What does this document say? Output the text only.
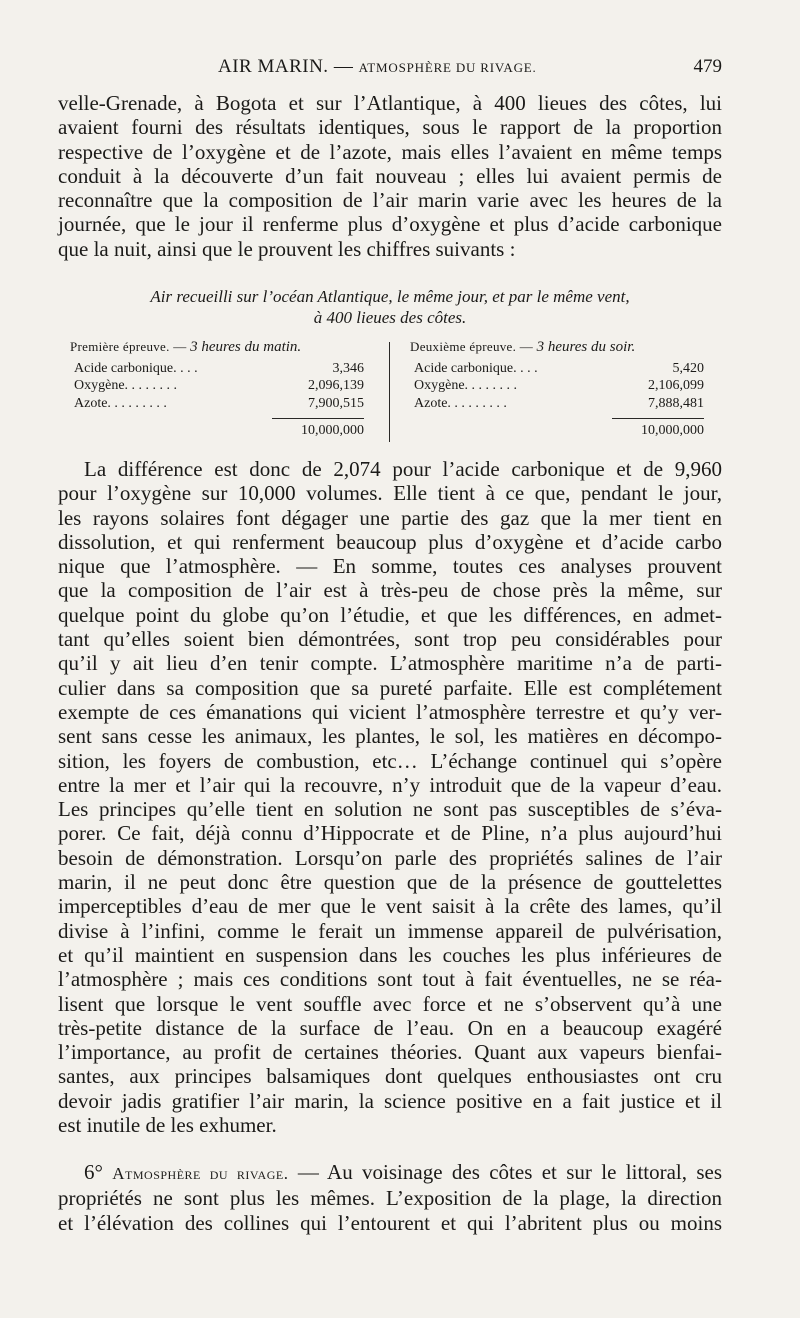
AIR MARIN. — ATMOSPHÈRE DU RIVAGE.	479
velle-Grenade, à Bogota et sur l’Atlantique, à 400 lieues des côtes, lui
avaient fourni des résultats identiques, sous le rapport de la proportion
respective de l’oxygène et de l’azote, mais elles l’avaient en même temps
conduit à la découverte d’un fait nouveau ; elles lui avaient permis de
reconnaître que la composition de l’air marin varie avec les heures de la
journée, que le jour il renferme plus d’oxygène et plus d’acide carbonique
que la nuit, ainsi que le prouvent les chiffres suivants :
Air recueilli sur l’océan Atlantique, le même jour, et par le même vent,
à 400 lieues des côtes.
Première épreuve. — 3 heures du matin.
Acide carbonique. . . .	3,346
Oxygène. . . . . . . .	2,096,139
Azote. . . . . . . . .	7,900,515
10,000,000
Deuxième épreuve. — 3 heures du soir.
Acide carbonique. . . .	5,420
Oxygène. . . . . . . .	2,106,099
Azote. . . . . . . . .	7,888,481
10,000,000
La différence est donc de 2,074 pour l’acide carbonique et de 9,960
pour l’oxygène sur 10,000 volumes. Elle tient à ce que, pendant le jour,
les rayons solaires font dégager une partie des gaz que la mer tient en
dissolution, et qui renferment beaucoup plus d’oxygène et d’acide carbo
nique que l’atmosphère. — En somme, toutes ces analyses prouvent
que la composition de l’air est à très-peu de chose près la même, sur
quelque point du globe qu’on l’étudie, et que les différences, en admet-
tant qu’elles soient bien démontrées, sont trop peu considérables pour
qu’il y ait lieu d’en tenir compte. L’atmosphère maritime n’a de parti-
culier dans sa composition que sa pureté parfaite. Elle est complétement
exempte de ces émanations qui vicient l’atmosphère terrestre et qu’y ver-
sent sans cesse les animaux, les plantes, le sol, les matières en décompo-
sition, les foyers de combustion, etc… L’échange continuel qui s’opère
entre la mer et l’air qui la recouvre, n’y introduit que de la vapeur d’eau.
Les principes qu’elle tient en solution ne sont pas susceptibles de s’éva-
porer. Ce fait, déjà connu d’Hippocrate et de Pline, n’a plus aujourd’hui
besoin de démonstration. Lorsqu’on parle des propriétés salines de l’air
marin, il ne peut donc être question que de la présence de gouttelettes
imperceptibles d’eau de mer que le vent saisit à la crête des lames, qu’il
divise à l’infini, comme le ferait un immense appareil de pulvérisation,
et qu’il maintient en suspension dans les couches les plus inférieures de
l’atmosphère ; mais ces conditions sont tout à fait éventuelles, ne se réa-
lisent que lorsque le vent souffle avec force et ne s’observent qu’à une
très-petite distance de la surface de l’eau. On en a beaucoup exagéré
l’importance, au profit de certaines théories. Quant aux vapeurs bienfai-
santes, aux principes balsamiques dont quelques enthousiastes ont cru
devoir jadis gratifier l’air marin, la science positive en a fait justice et il
est inutile de les exhumer.
6° Atmosphère du rivage. — Au voisinage des côtes et sur le littoral, ses
propriétés ne sont plus les mêmes. L’exposition de la plage, la direction
et l’élévation des collines qui l’entourent et qui l’abritent plus ou moins
